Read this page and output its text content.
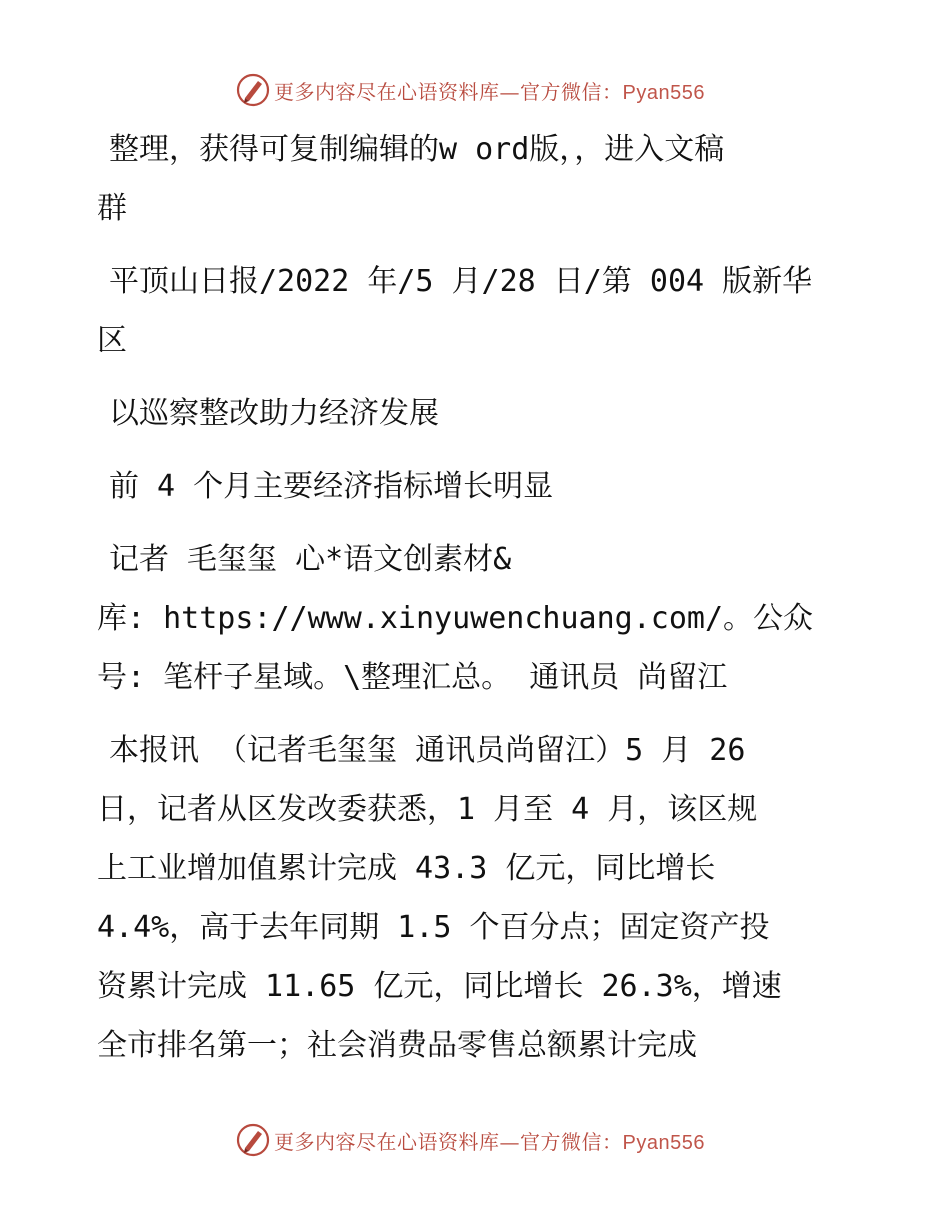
更多内容尽在心语资料库—官方微信：Pyan556

整理，获得可复制编辑的w ord版，，进入文稿

群

平顶山日报/2022 年/5 月/28 日/第 004 版新华

区

以巡察整改助力经济发展

前 4 个月主要经济指标增长明显

记者 毛玺玺 心*语文创素材&

库: https://www.xinyuwenchuang.com/。公众

号: 笔杆子星域。\整理汇总。 通讯员 尚留江

本报讯 （记者毛玺玺 通讯员尚留江）5 月 26

日，记者从区发改委获悉，1 月至 4 月，该区规

上工业增加值累计完成 43.3 亿元，同比增长

4.4%，高于去年同期 1.5 个百分点；固定资产投

资累计完成 11.65 亿元，同比增长 26.3%，增速

全市排名第一；社会消费品零售总额累计完成

更多内容尽在心语资料库—官方微信：Pyan556
